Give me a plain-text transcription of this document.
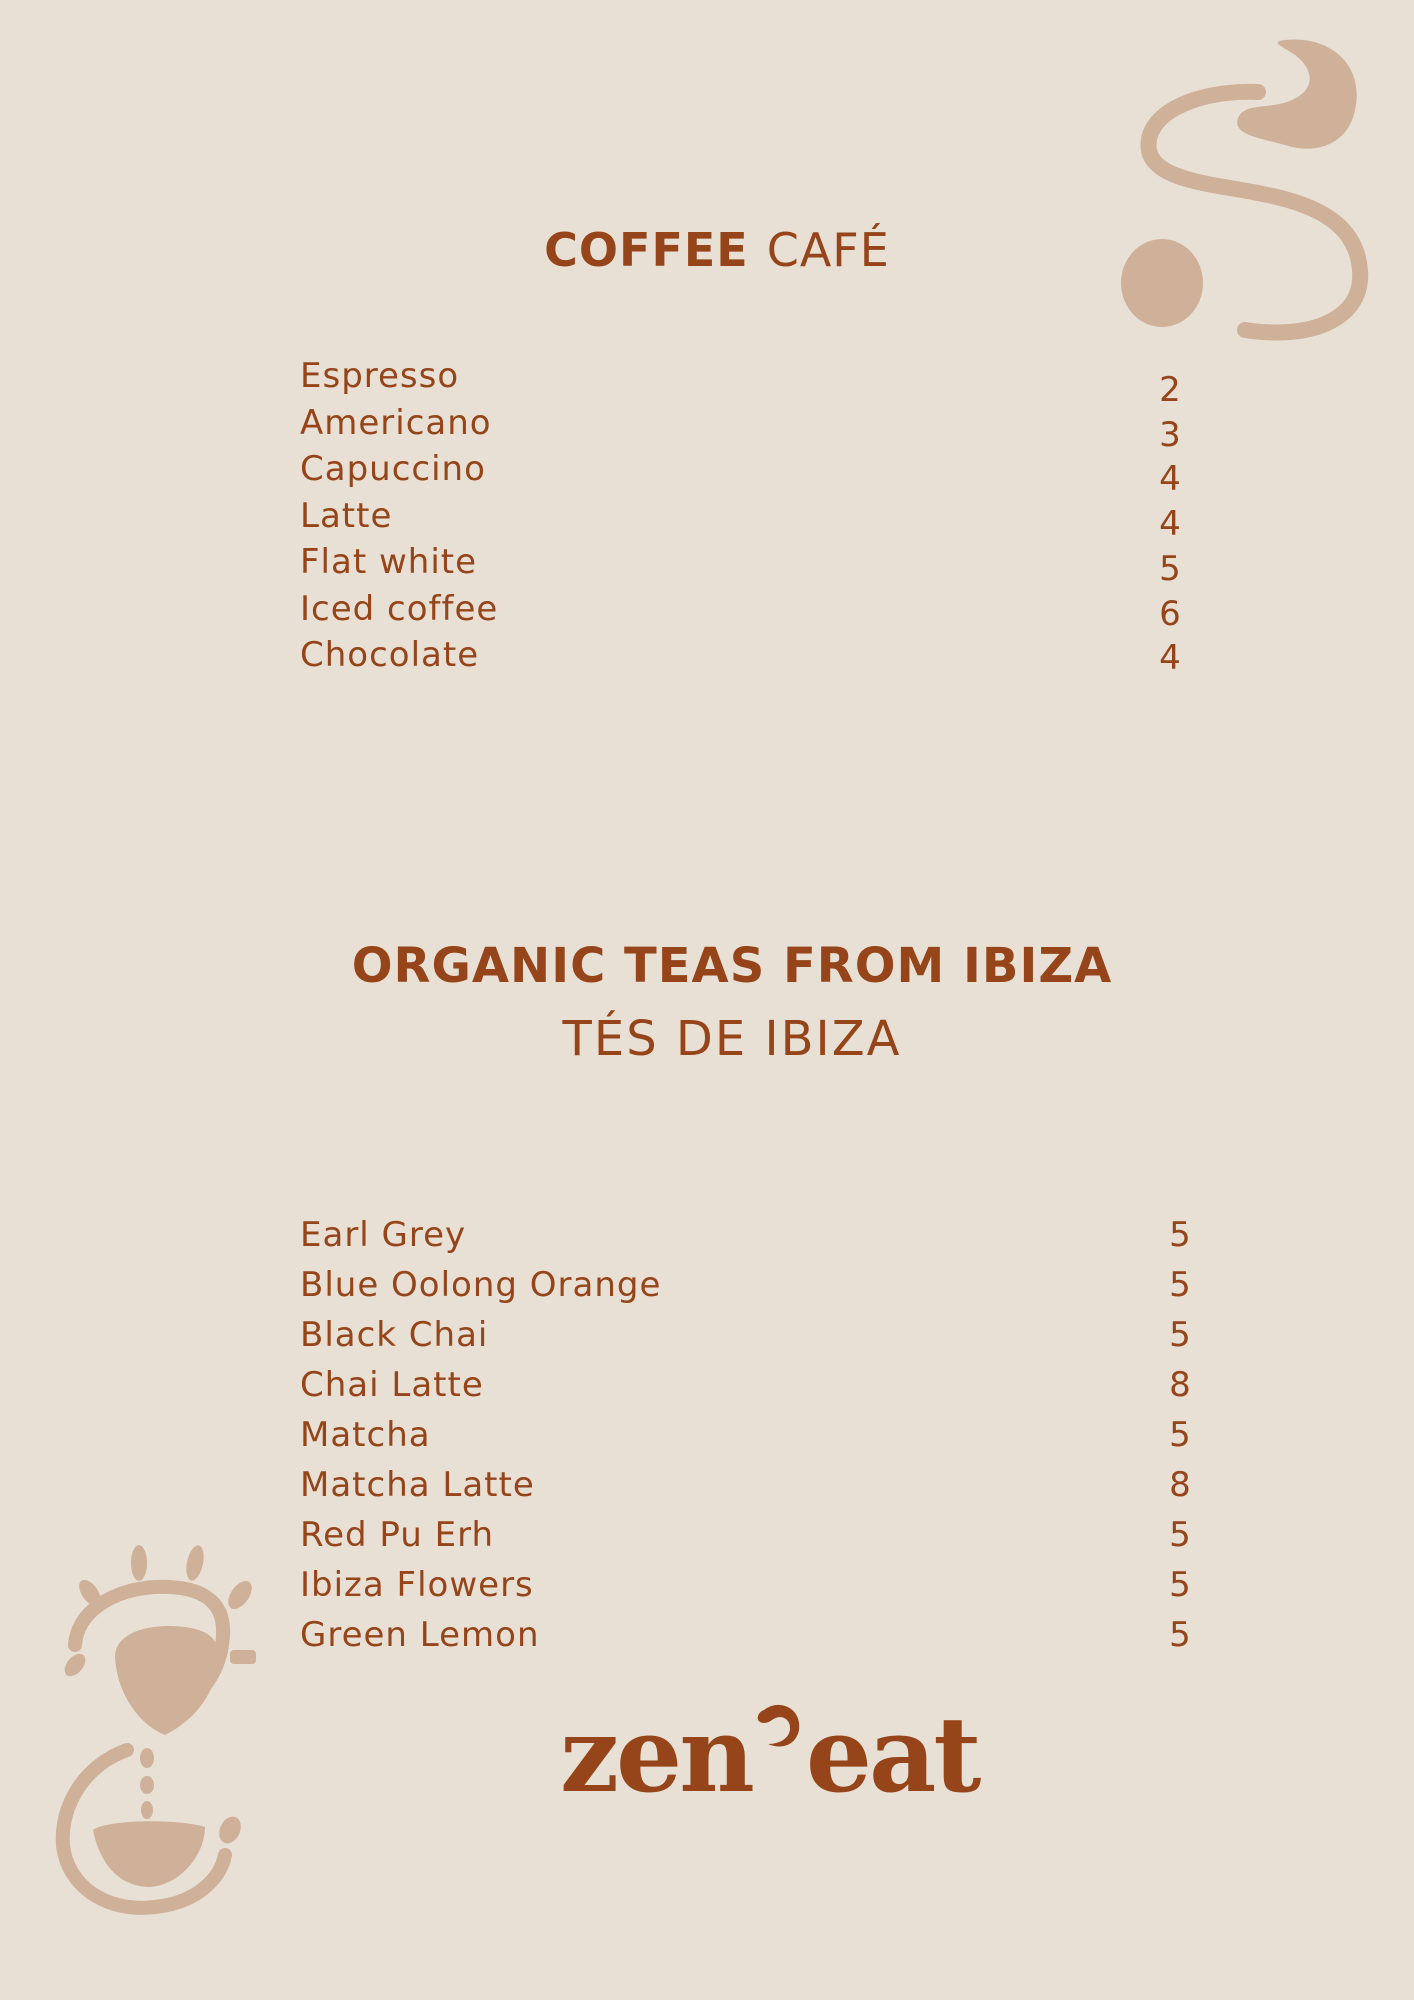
COFFEE CAFÉ
Espresso
Americano
Capuccino
Latte
Flat white
Iced coffee
Chocolate
2
3
4
4
5
6
4
ORGANIC TEAS FROM IBIZA
TÉS DE IBIZA
Earl Grey
Blue Oolong Orange
Black Chai
Chai Latte
Matcha
Matcha Latte
Red Pu Erh
Ibiza Flowers
Green Lemon
5
5
5
8
5
8
5
5
5
zen eat
